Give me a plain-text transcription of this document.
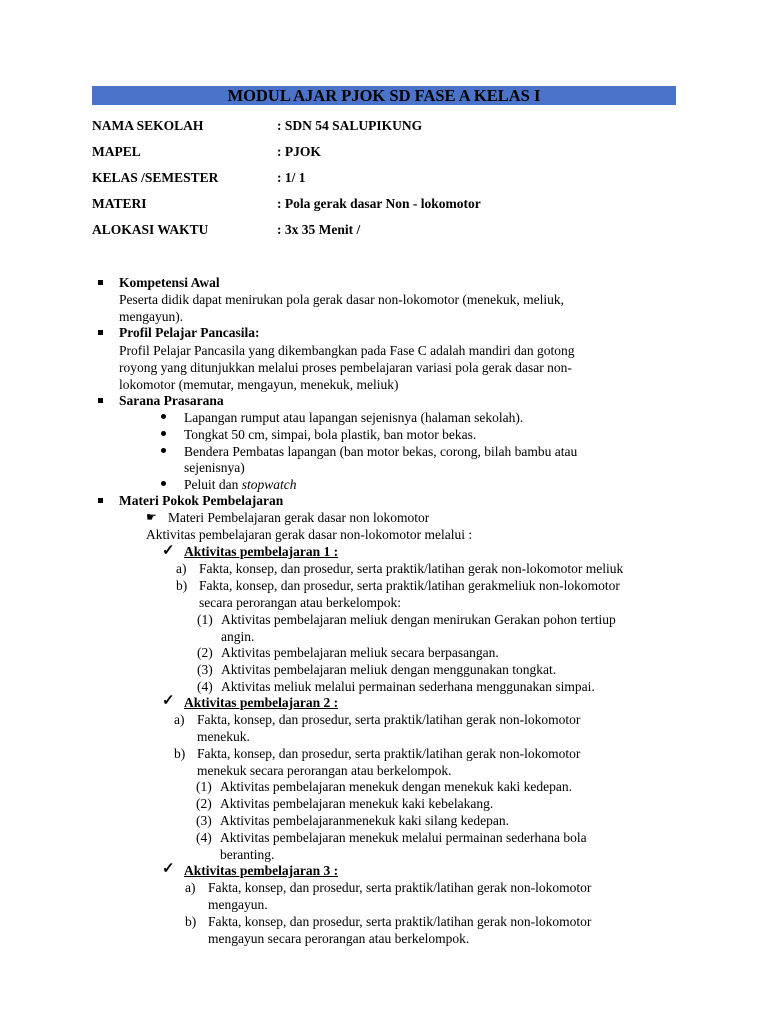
MODUL AJAR PJOK SD FASE A KELAS I
NAMA SEKOLAH	: SDN 54 SALUPIKUNG
MAPEL	: PJOK
KELAS /SEMESTER	: 1/ 1
MATERI	: Pola gerak dasar Non - lokomotor
ALOKASI WAKTU	: 3x 35 Menit /
Kompetensi Awal
Peserta didik dapat menirukan pola gerak dasar non-lokomotor (menekuk, meliuk,
mengayun).
Profil Pelajar Pancasila:
Profil Pelajar Pancasila yang dikembangkan pada Fase C adalah mandiri dan gotong
royong yang ditunjukkan melalui proses pembelajaran variasi pola gerak dasar non-
lokomotor (memutar, mengayun, menekuk, meliuk)
Sarana Prasarana
Lapangan rumput atau lapangan sejenisnya (halaman sekolah).
Tongkat 50 cm, simpai, bola plastik, ban motor bekas.
Bendera Pembatas lapangan (ban motor bekas, corong, bilah bambu atau
sejenisnya)
Peluit dan stopwatch
Materi Pokok Pembelajaran
☛ Materi Pembelajaran gerak dasar non lokomotor
Aktivitas pembelajaran gerak dasar non-lokomotor melalui :
✓ Aktivitas pembelajaran 1 :
a) Fakta, konsep, dan prosedur, serta praktik/latihan gerak non-lokomotor meliuk
b) Fakta, konsep, dan prosedur, serta praktik/latihan gerakmeliuk non-lokomotor
secara perorangan atau berkelompok:
(1) Aktivitas pembelajaran meliuk dengan menirukan Gerakan pohon tertiup
angin.
(2) Aktivitas pembelajaran meliuk secara berpasangan.
(3) Aktivitas pembelajaran meliuk dengan menggunakan tongkat.
(4) Aktivitas meliuk melalui permainan sederhana menggunakan simpai.
✓ Aktivitas pembelajaran 2 :
a) Fakta, konsep, dan prosedur, serta praktik/latihan gerak non-lokomotor
menekuk.
b) Fakta, konsep, dan prosedur, serta praktik/latihan gerak non-lokomotor
menekuk secara perorangan atau berkelompok.
(1) Aktivitas pembelajaran menekuk dengan menekuk kaki kedepan.
(2) Aktivitas pembelajaran menekuk kaki kebelakang.
(3) Aktivitas pembelajaranmenekuk kaki silang kedepan.
(4) Aktivitas pembelajaran menekuk melalui permainan sederhana bola
beranting.
✓ Aktivitas pembelajaran 3 :
a) Fakta, konsep, dan prosedur, serta praktik/latihan gerak non-lokomotor
mengayun.
b) Fakta, konsep, dan prosedur, serta praktik/latihan gerak non-lokomotor
mengayun secara perorangan atau berkelompok.
